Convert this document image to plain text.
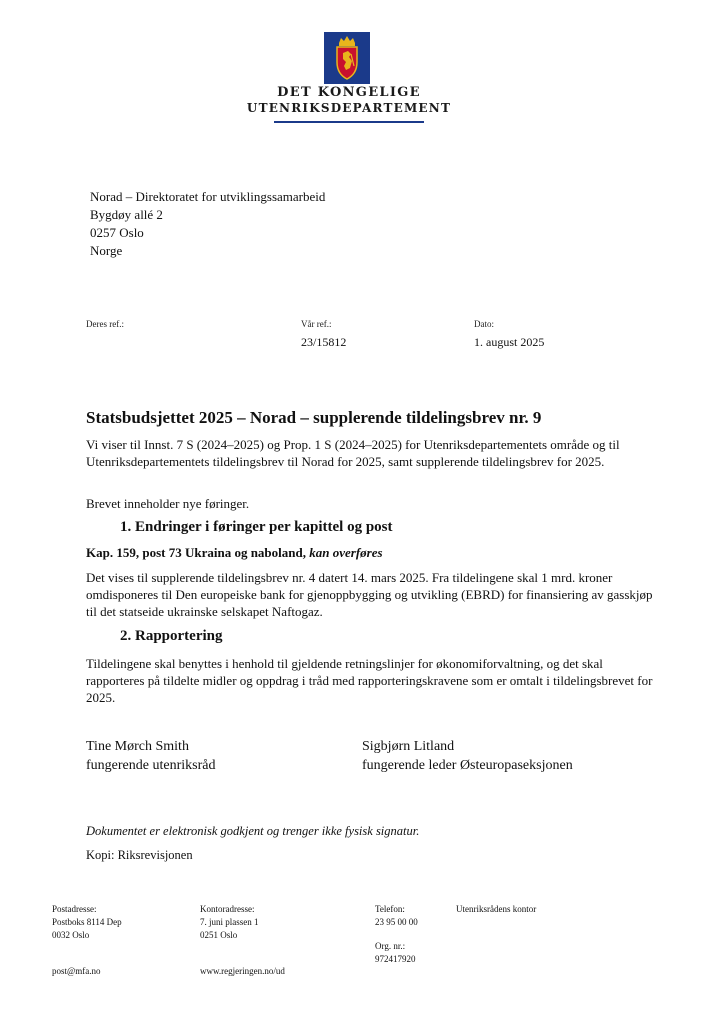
DET KONGELIGE
UTENRIKSDEPARTEMENT
Norad – Direktoratet for utviklingssamarbeid
Bygdøy allé 2
0257 Oslo
Norge
Deres ref.:	Vår ref.:
23/15812
Dato:
1. august 2025
Statsbudsjettet 2025 – Norad – supplerende tildelingsbrev nr. 9
Vi viser til Innst. 7 S (2024–2025) og Prop. 1 S (2024–2025) for Utenriksdepartementets område og til Utenriksdepartementets tildelingsbrev til Norad for 2025, samt supplerende tildelingsbrev for 2025.
Brevet inneholder nye føringer.
1. Endringer i føringer per kapittel og post
Kap. 159, post 73 Ukraina og naboland, kan overføres
Det vises til supplerende tildelingsbrev nr. 4 datert 14. mars 2025. Fra tildelingene skal 1 mrd. kroner omdisponeres til Den europeiske bank for gjenoppbygging og utvikling (EBRD) for finansiering av gasskjøp til det statseide ukrainske selskapet Naftogaz.
2. Rapportering
Tildelingene skal benyttes i henhold til gjeldende retningslinjer for økonomiforvaltning, og det skal rapporteres på tildelte midler og oppdrag i tråd med rapporteringskravene som er omtalt i tildelingsbrevet for 2025.
Tine Mørch Smith
fungerende utenriksråd
Sigbjørn Litland
fungerende leder Østeuropaseksjonen
Dokumentet er elektronisk godkjent og trenger ikke fysisk signatur.
Kopi: Riksrevisjonen
Postadresse:
Postboks 8114 Dep
0032 Oslo
Kontoradresse:
7. juni plassen 1
0251 Oslo
Telefon:
23 95 00 00
Org. nr.:
972417920
Utenriksrådens kontor
post@mfa.no	www.regjeringen.no/ud
